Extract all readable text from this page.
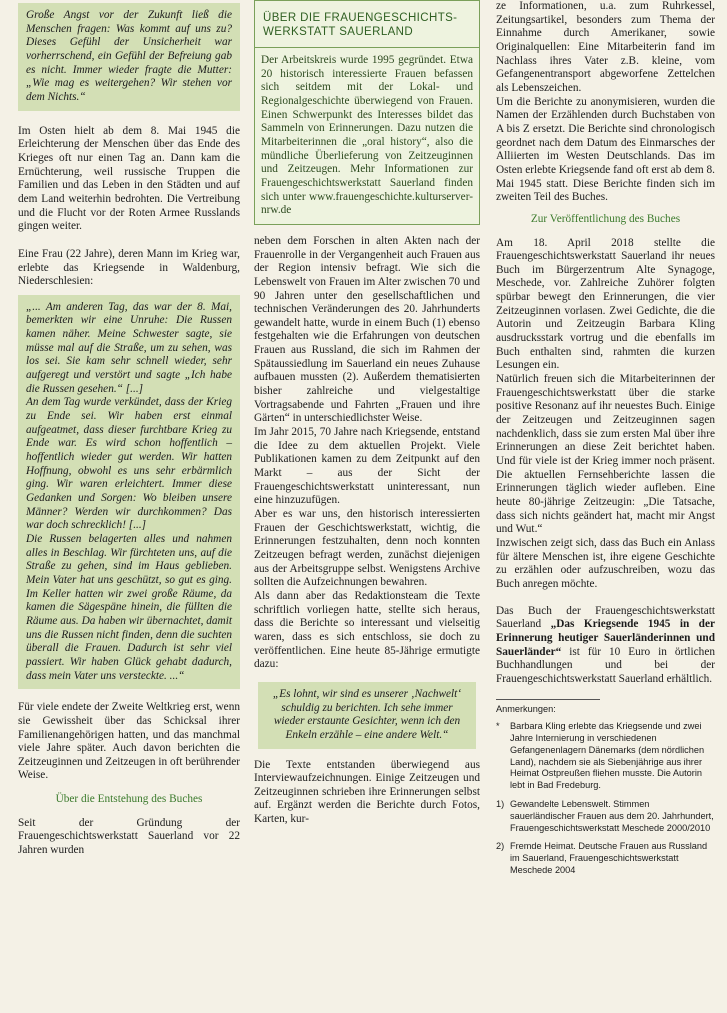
Große Angst vor der Zukunft ließ die Menschen fragen: Was kommt auf uns zu? Dieses Gefühl der Unsicherheit war vorherrschend, ein Gefühl der Befreiung gab es nicht. Immer wieder fragte die Mutter: „Wie mag es weitergehen? Wir stehen vor dem Nichts.“

Im Osten hielt ab dem 8. Mai 1945 die Erleichterung der Menschen über das Ende des Krieges oft nur einen Tag an. Dann kam die Ernüchterung, weil russische Truppen die Familien und das Leben in den Städten und auf dem Land weiterhin bedrohten. Die Vertreibung und die Flucht vor der Roten Armee Russlands gingen weiter.

Eine Frau (22 Jahre), deren Mann im Krieg war, erlebte das Kriegsende in Waldenburg, Niederschlesien:

„... Am anderen Tag, das war der 8. Mai, bemerkten wir eine Unruhe: Die Russen kamen näher. Meine Schwester sagte, sie müsse mal auf die Straße, um zu sehen, was los sei. Sie kam sehr schnell wieder, sehr aufgeregt und verstört und sagte „Ich habe die Russen gesehen.“ [...]

An dem Tag wurde verkündet, dass der Krieg zu Ende sei. Wir haben erst einmal aufgeatmet, dass dieser furchtbare Krieg zu Ende war. Es wird schon hoffentlich – hoffentlich wieder gut werden. Wir hatten Hoffnung, obwohl es uns sehr erbärmlich ging. Wir waren erleichtert. Immer diese Gedanken und Sorgen: Wo bleiben unsere Männer? Werden wir durchkommen? Das war doch schrecklich! [...]

Die Russen belagerten alles und nahmen alles in Beschlag. Wir fürchteten uns, auf die Straße zu gehen, sind im Haus geblieben. Mein Vater hat uns geschützt, so gut es ging. Im Keller hatten wir zwei große Räume, da kamen die Sägespäne hinein, die füllten die Räume aus. Da haben wir übernachtet, damit uns die Russen nicht finden, denn die suchten überall die Frauen. Dadurch ist sehr viel passiert. Wir haben Glück gehabt dadurch, dass mein Vater uns versteckte. ...“

Für viele endete der Zweite Weltkrieg erst, wenn sie Gewissheit über das Schicksal ihrer Familienangehörigen hatten, und das manchmal viele Jahre später. Auch davon berichten die Zeitzeuginnen und Zeitzeugen in oft berührender Weise.

Über die Entstehung des Buches

Seit der Gründung der Frauengeschichtswerkstatt Sauerland vor 22 Jahren wurden

ÜBER DIE FRAUENGESCHICHTS-WERKSTATT SAUERLAND

Der Arbeitskreis wurde 1995 gegründet. Etwa 20 historisch interessierte Frauen befassen sich seitdem mit der Lokal- und Regionalgeschichte überwiegend von Frauen. Einen Schwerpunkt des Interesses bildet das Sammeln von Erinnerungen. Dazu nutzen die Mitarbeiterinnen die „oral history“, also die mündliche Überlieferung von Zeitzeuginnen und Zeitzeugen. Mehr Informationen zur Frauengeschichtswerkstatt Sauerland finden sich unter www.frauengeschichte.kulturserver-nrw.de

neben dem Forschen in alten Akten nach der Frauenrolle in der Vergangenheit auch Frauen aus der Region intensiv befragt. Wie sich die Lebenswelt von Frauen im Alter zwischen 70 und 90 Jahren unter den gesellschaftlichen und technischen Veränderungen des 20. Jahrhunderts gewandelt hatte, wurde in einem Buch (1) ebenso festgehalten wie die Erfahrungen von deutschen Frauen aus Russland, die sich im Rahmen der Spätaussiedlung im Sauerland ein neues Zuhause aufbauen mussten (2). Außerdem thematisierten bisher zahlreiche und vielgestaltige Vortragsabende und Fahrten „Frauen und ihre Gärten“ in unterschiedlichster Weise.

Im Jahr 2015, 70 Jahre nach Kriegsende, entstand die Idee zu dem aktuellen Projekt. Viele Publikationen kamen zu dem Zeitpunkt auf den Markt – aus der Sicht der Frauengeschichtswerkstatt uninteressant, nun eine hinzuzufügen.

Aber es war uns, den historisch interessierten Frauen der Geschichtswerkstatt, wichtig, die Erinnerungen festzuhalten, denn noch konnten Zeitzeugen befragt werden, zunächst diejenigen aus der Arbeitsgruppe selbst. Wenigstens Archive sollten die Aufzeichnungen bewahren.

Als dann aber das Redaktionsteam die Texte schriftlich vorliegen hatte, stellte sich heraus, dass die Berichte so interessant und vielseitig waren, dass es sich entschloss, sie doch zu veröffentlichen. Eine heute 85-Jährige ermutigte dazu:

„Es lohnt, wir sind es unserer ‚Nachwelt‘ schuldig zu berichten. Ich sehe immer wieder erstaunte Gesichter, wenn ich den Enkeln erzähle – eine andere Welt.“

Die Texte entstanden überwiegend aus Interviewaufzeichnungen. Einige Zeitzeugen und Zeitzeuginnen schrieben ihre Erinnerungen selbst auf. Ergänzt werden die Berichte durch Fotos, Karten, kur-

ze Informationen, u.a. zum Ruhrkessel, Zeitungsartikel, besonders zum Thema der Einnahme durch Amerikaner, sowie Originalquellen: Eine Mitarbeiterin fand im Nachlass ihres Vater z.B. kleine, vom Gefangenentransport abgeworfene Zettelchen als Lebenszeichen.

Um die Berichte zu anonymisieren, wurden die Namen der Erzählenden durch Buchstaben von A bis Z ersetzt. Die Berichte sind chronologisch geordnet nach dem Datum des Einmarsches der Alliierten im Westen Deutschlands. Das im Osten erlebte Kriegsende fand oft erst ab dem 8. Mai 1945 statt. Diese Berichte finden sich im zweiten Teil des Buches.

Zur Veröffentlichung des Buches

Am 18. April 2018 stellte die Frauengeschichtswerkstatt Sauerland ihr neues Buch im Bürgerzentrum Alte Synagoge, Meschede, vor. Zahlreiche Zuhörer folgten spürbar bewegt den Erinnerungen, die vier Zeitzeuginnen vorlasen. Zwei Gedichte, die die Autorin und Zeitzeugin Barbara Kling ausdrucksstark vortrug und die ebenfalls im Buch enthalten sind, rahmten die kurzen Lesungen ein.

Natürlich freuen sich die Mitarbeiterinnen der Frauengeschichtswerkstatt über die starke positive Resonanz auf ihr neuestes Buch. Einige der Zeitzeugen und Zeitzeuginnen sagen nachdenklich, dass sie zum ersten Mal über ihre Erinnerungen an diese Zeit berichtet haben. Und für viele ist der Krieg immer noch präsent. Die aktuellen Fernsehberichte lassen die Erinnerungen täglich wieder aufleben. Eine heute 80-jährige Zeitzeugin: „Die Tatsache, dass sich nichts geändert hat, macht mir Angst und Wut.“

Inzwischen zeigt sich, dass das Buch ein Anlass für ältere Menschen ist, ihre eigene Geschichte zu erzählen oder aufzuschreiben, wozu das Buch anregen möchte.

Das Buch der Frauengeschichtswerkstatt Sauerland „Das Kriegsende 1945 in der Erinnerung heutiger Sauerländerinnen und Sauerländer“ ist für 10 Euro in örtlichen Buchhandlungen und bei der Frauengeschichtswerkstatt Sauerland erhältlich.

Anmerkungen:
*	Barbara Kling erlebte das Kriegsende und zwei Jahre Internierung in verschiedenen Gefangenenlagern Dänemarks (dem nördlichen Land), nachdem sie als Siebenjährige aus ihrer Heimat Ostpreußen fliehen musste. Die Autorin lebt in Bad Fredeburg.
1) Gewandelte Lebenswelt. Stimmen sauerländischer Frauen aus dem 20. Jahrhundert, Frauengeschichtswerkstatt Meschede 2000/2010
2) Fremde Heimat. Deutsche Frauen aus Russland im Sauerland, Frauengeschichtswerkstatt Meschede 2004
